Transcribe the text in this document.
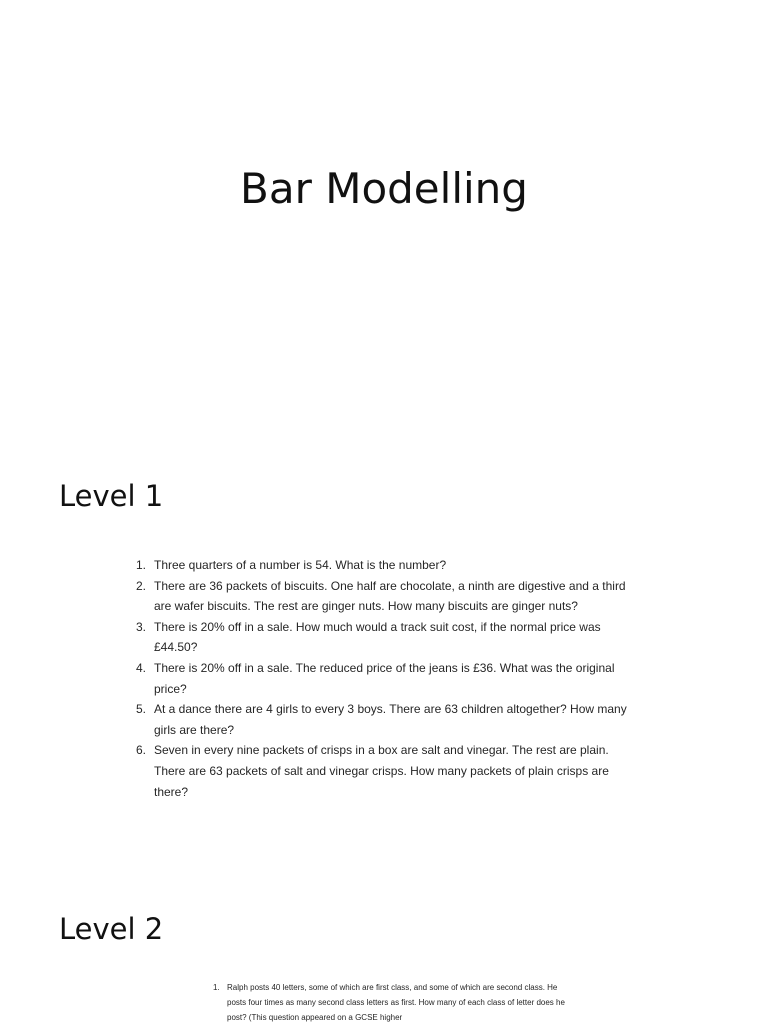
Bar Modelling
Level 1
1. Three quarters of a number is 54. What is the number?
2. There are 36 packets of biscuits. One half are chocolate, a ninth are digestive and a third are wafer biscuits. The rest are ginger nuts. How many biscuits are ginger nuts?
3. There is 20% off in a sale. How much would a track suit cost, if the normal price was £44.50?
4. There is 20% off in a sale. The reduced price of the jeans is £36. What was the original price?
5. At a dance there are 4 girls to every 3 boys. There are 63 children altogether? How many girls are there?
6. Seven in every nine packets of crisps in a box are salt and vinegar. The rest are plain. There are 63 packets of salt and vinegar crisps. How many packets of plain crisps are there?
Level 2
1. Ralph posts 40 letters, some of which are first class, and some of which are second class. He posts four times as many second class letters as first. How many of each class of letter does he post? (This question appeared on a GCSE higher
